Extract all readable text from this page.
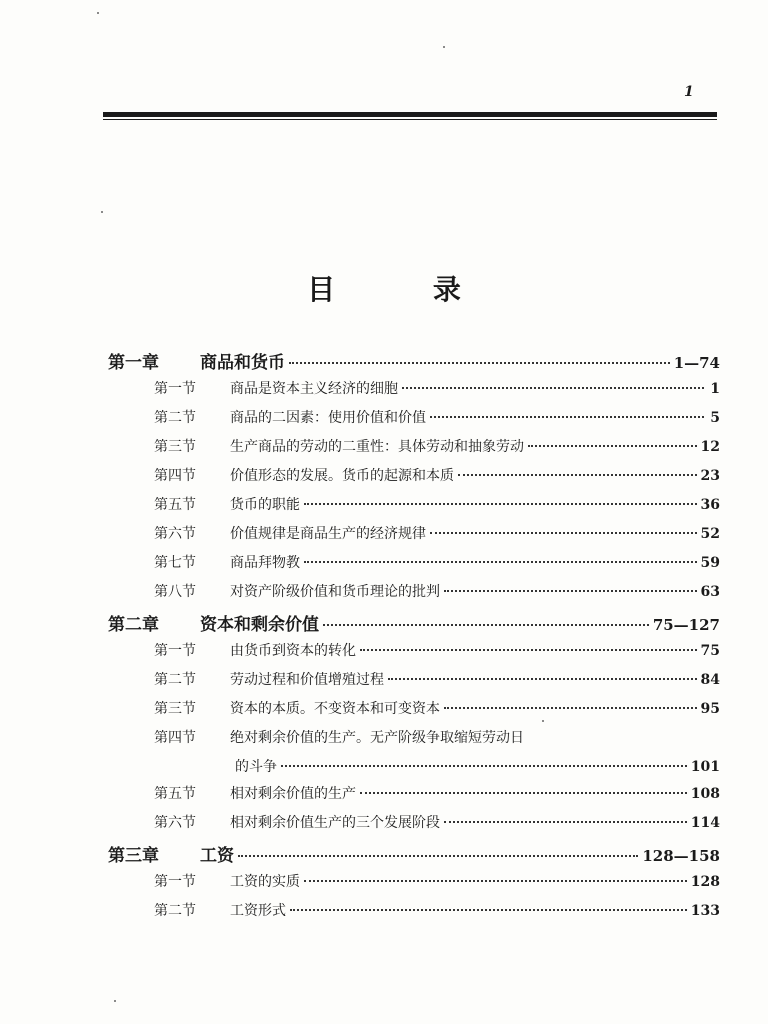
1
目 录
第一章	商品和货币	1—74
第一节	商品是资本主义经济的细胞	1
第二节	商品的二因素：使用价值和价值	5
第三节	生产商品的劳动的二重性：具体劳动和抽象劳动	12
第四节	价值形态的发展。货币的起源和本质	23
第五节	货币的职能	36
第六节	价值规律是商品生产的经济规律	52
第七节	商品拜物教	59
第八节	对资产阶级价值和货币理论的批判	63
第二章	资本和剩余价值	75—127
第一节	由货币到资本的转化	75
第二节	劳动过程和价值增殖过程	84
第三节	资本的本质。不变资本和可变资本	95
第四节	绝对剩余价值的生产。无产阶级争取缩短劳动日
的斗争	101
第五节	相对剩余价值的生产	108
第六节	相对剩余价值生产的三个发展阶段	114
第三章	工资	128—158
第一节	工资的实质	128
第二节	工资形式	133
